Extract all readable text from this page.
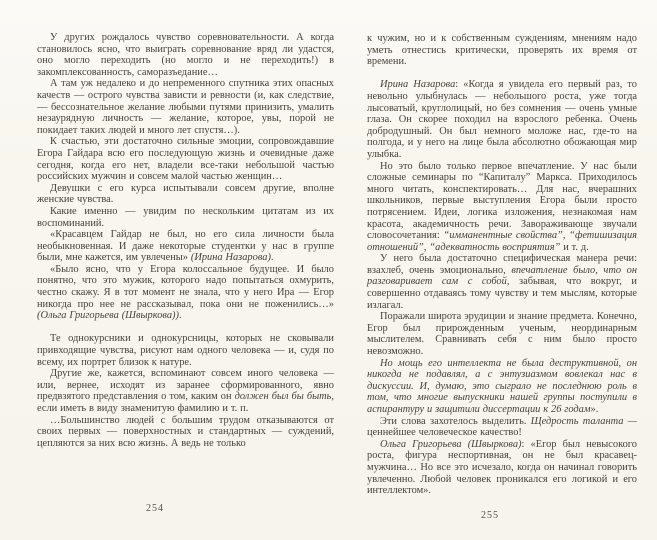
У других рождалось чувство соревновательности. А когда становилось ясно, что выиграть соревнование вряд ли удастся, оно могло переходить (но могло и не переходить!) в закомплексованность, саморазъедание…

А там уж недалеко и до непременного спутника этих опасных качеств — острого чувства зависти и ревности (и, как следствие, — бессознательное желание любыми путями принизить, умалить незаурядную личность — желание, которое, увы, порой не покидает таких людей и много лет спустя…).

К счастью, эти достаточно сильные эмоции, сопровождавшие Егора Гайдара всю его последующую жизнь и очевидные даже сегодня, когда его нет, владели все-таки небольшой частью российских мужчин и совсем малой частью женщин…

Девушки с его курса испытывали совсем другие, вполне женские чувства.

Какие именно — увидим по нескольким цитатам из их воспоминаний.

«Красавцем Гайдар не был, но его сила личности была необыкновенная. И даже некоторые студентки у нас в группе были, мне кажется, им увлечены» (Ирина Назарова).

«Было ясно, что у Егора колоссальное будущее. И было понятно, что это мужик, которого надо попытаться охмурить, честно скажу. Я в тот момент не знала, что у него Ира — Егор никогда про нее не рассказывал, пока они не поженились…» (Ольга Григорьева (Швыркова)).

Те однокурсники и однокурсницы, которых не сковывали привходящие чувства, рисуют нам одного человека — и, судя по всему, их портрет близок к натуре.

Другие же, кажется, вспоминают совсем иного человека — или, вернее, исходят из заранее сформированного, явно предвзятого представления о том, каким он должен был бы быть, если иметь в виду знаменитую фамилию и т. п.

…Большинство людей с большим трудом отказываются от своих первых — поверхностных и стандартных — суждений, цепляются за них всю жизнь. А ведь не только

254

к чужим, но и к собственным суждениям, мнениям надо уметь отнестись критически, проверять их время от времени.

Ирина Назарова: «Когда я увидела его первый раз, то невольно улыбнулась — небольшого роста, уже тогда лысоватый, круглолицый, но без сомнения — очень умные глаза. Он скорее походил на взрослого ребенка. Очень добродушный. Он был немного моложе нас, где-то на полгода, и у него на лице была абсолютно обожающая мир улыбка.

Но это было только первое впечатление. У нас были сложные семинары по “Капиталу” Маркса. Приходилось много читать, конспектировать… Для нас, вчерашних школьников, первые выступления Егора были просто потрясением. Идеи, логика изложения, незнакомая нам красота, академичность речи. Завораживающе звучали словосочетания: “имманентные свойства”, “фетишизация отношений”, “адекватность восприятия” и т. д.

У него была достаточно специфическая манера речи: взахлеб, очень эмоционально, впечатление было, что он разговаривает сам с собой, забывая, что вокруг, и совершенно отдаваясь тому чувству и тем мыслям, которые излагал.

Поражали широта эрудиции и знание предмета. Конечно, Егор был прирожденным ученым, неординарным мыслителем. Сравнивать себя с ним было просто невозможно.

Но мощь его интеллекта не была деструктивной, он никогда не подавлял, а с энтузиазмом вовлекал нас в дискуссии. И, думаю, это сыграло не последнюю роль в том, что многие выпускники нашей группы поступили в аспирантуру и защитили диссертации к 26 годам».

Эти слова захотелось выделить. Щедрость таланта — ценнейшее человеческое качество!

Ольга Григорьева (Швыркова): «Егор был невысокого роста, фигура неспортивная, он не был красавец-мужчина… Но все это исчезало, когда он начинал говорить увлеченно. Любой человек проникался его логикой и его интеллектом».

255
